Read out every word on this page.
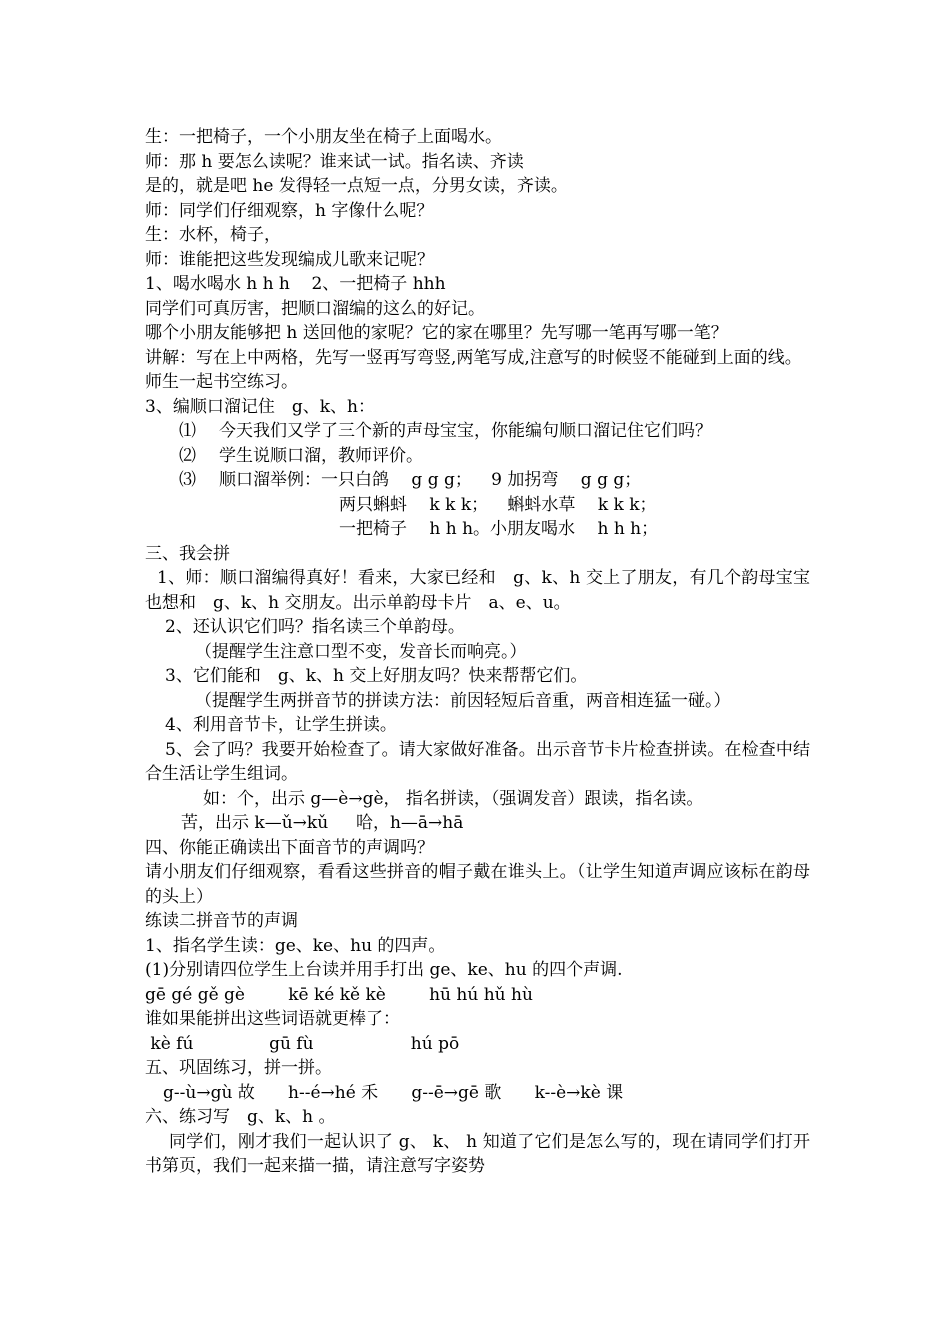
生：一把椅子，一个小朋友坐在椅子上面喝水。
师：那 h 要怎么读呢？谁来试一试。指名读、齐读
是的，就是吧 he 发得轻一点短一点，分男女读，齐读。
师：同学们仔细观察，h 字像什么呢？
生：水杯，椅子，
师：谁能把这些发现编成儿歌来记呢？
1、喝水喝水 h h h    2、一把椅子 hhh
同学们可真厉害，把顺口溜编的这么的好记。
哪个小朋友能够把 h 送回他的家呢？它的家在哪里？先写哪一笔再写哪一笔？
讲解：写在上中两格，先写一竖再写弯竖,两笔写成,注意写的时候竖不能碰到上面的线。
师生一起书空练习。
3、编顺口溜记住　g、k、h：
⑴ 今天我们又学了三个新的声母宝宝，你能编句顺口溜记住它们吗？
⑵ 学生说顺口溜，教师评价。
⑶ 顺口溜举例：一只白鸽　 g g g；　  9 加拐弯　 g g g；
两只蝌蚪　 k k k；　  蝌蚪水草　 k k k；
一把椅子　 h h h。小朋友喝水　 h h h；
三、我会拼
1、师：顺口溜编得真好！看来，大家已经和　g、k、h 交上了朋友，有几个韵母宝宝也想和　g、k、h 交朋友。出示单韵母卡片　a、e、u。
2、还认识它们吗？指名读三个单韵母。
（提醒学生注意口型不变，发音长而响亮。）
3、它们能和　g、k、h 交上好朋友吗？快来帮帮它们。
（提醒学生两拼音节的拼读方法：前因轻短后音重，两音相连猛一碰。）
4、利用音节卡，让学生拼读。
5、会了吗？我要开始检查了。请大家做好准备。出示音节卡片检查拼读。在检查中结合生活让学生组词。
如：个，出示 g—è→gè， 指名拼读，（强调发音）跟读，指名读。
苦，出示 k—ǔ→kǔ　  哈，h—ā→hā
四、你能正确读出下面音节的声调吗？
请小朋友们仔细观察，看看这些拼音的帽子戴在谁头上。（让学生知道声调应该标在韵母的头上）
练读二拼音节的声调
1、指名学生读：ge、ke、hu 的四声。
(1)分别请四位学生上台读并用手打出 ge、ke、hu 的四个声调.
gē gé gě gè        kē ké kě kè        hū hú hǔ hù
谁如果能拼出这些词语就更棒了：
kè fú              gū fù                  hú pō
五、巩固练习，拼一拼。
g--ù→gù 故　   h--é→hé 禾　   g--ē→gē 歌　   k--è→kè 课
六、练习写　g、k、h 。
同学们，刚才我们一起认识了 g、 k、 h 知道了它们是怎么写的，现在请同学们打开书第页，我们一起来描一描，请注意写字姿势
